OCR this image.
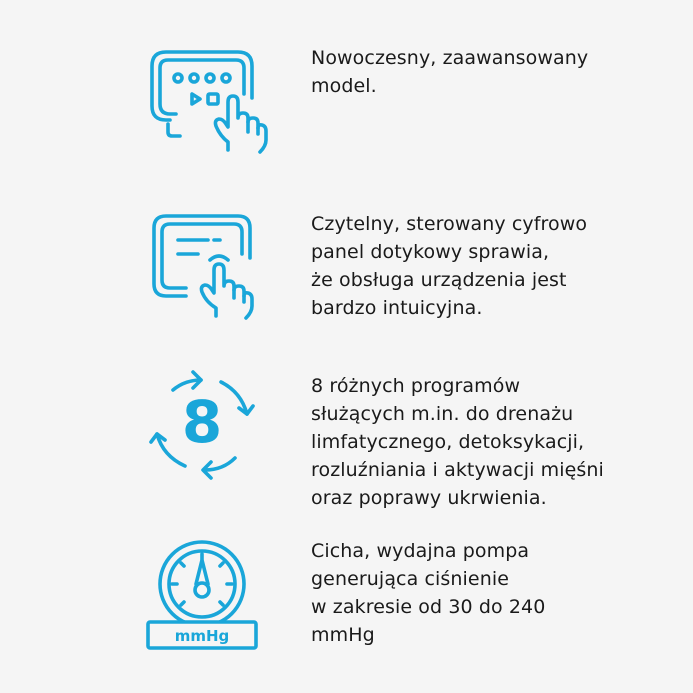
Nowoczesny, zaawansowany
model.
Czytelny, sterowany cyfrowo
panel dotykowy sprawia,
że obsługa urządzenia jest
bardzo intuicyjna.
8
8 różnych programów
służących m.in. do drenażu
limfatycznego, detoksykacji,
rozluźniania i aktywacji mięśni
oraz poprawy ukrwienia.
mmHg
Cicha, wydajna pompa
generująca ciśnienie
w zakresie od 30 do 240
mmHg
